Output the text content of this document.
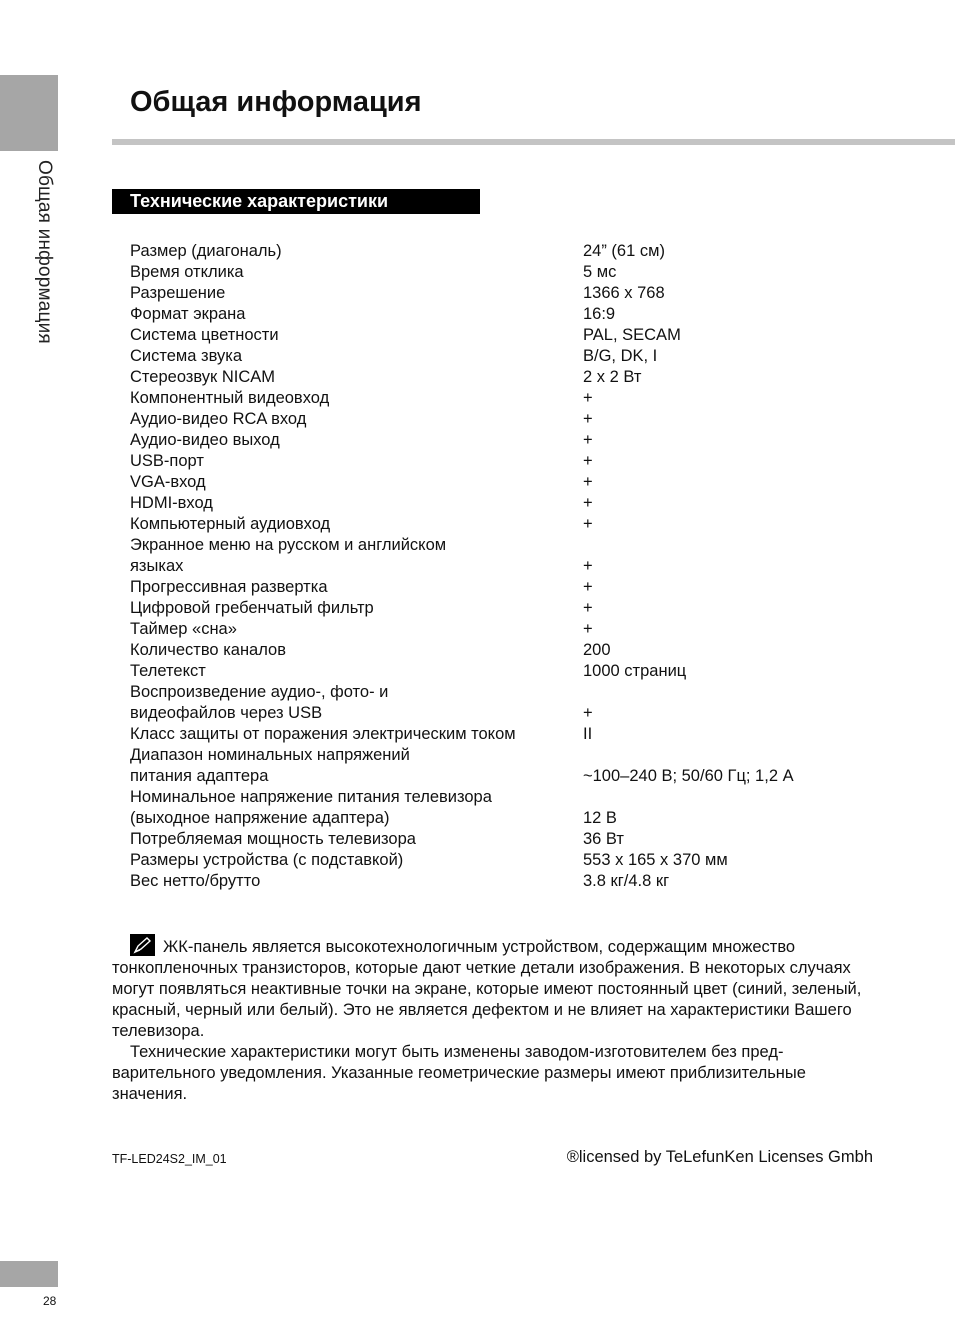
Общая информация
Общая информация
Технические характеристики
Размер (диагональ)	24” (61 см)
Время отклика	5 мс
Разрешение	1366 x 768
Формат экрана	16:9
Система цветности	PAL, SECAM
Система звука	B/G, DK, I
Стереозвук NICAM	2 x 2 Вт
Компонентный видеовход	+
Аудио-видео RCA вход	+
Аудио-видео выход	+
USB-порт	+
VGA-вход	+
HDMI-вход	+
Компьютерный аудиовход	+
Экранное меню на русском и английском языках	+
Прогрессивная развертка	+
Цифровой гребенчатый фильтр	+
Таймер «сна»	+
Количество каналов	200
Телетекст	1000 страниц
Воспроизведение аудио-, фото- и видеофайлов через USB	+
Класс защиты от поражения электрическим током	II
Диапазон номинальных напряжений питания адаптера	~100–240 В; 50/60 Гц; 1,2 А
Номинальное напряжение питания телевизора (выходное напряжение адаптера)	12 В
Потребляемая мощность телевизора	36 Вт
Размеры устройства (с подставкой)	553 x 165 x 370 мм
Вес нетто/брутто	3.8 кг/4.8 кг

ЖК-панель является высокотехнологичным устройством, содержащим множество тонкопленочных транзисторов, которые дают четкие детали изображения. В некоторых случаях могут появляться неактивные точки на экране, которые имеют постоянный цвет (синий, зеленый, красный, черный или белый). Это не является дефектом и не влияет на характеристики Вашего телевизора.

Технические характеристики могут быть изменены заводом-изготовителем без пред-варительного уведомления. Указанные геометрические размеры имеют приблизительные значения.

TF-LED24S2_IM_01	®licensed by TeLefunKen Licenses Gmbh
28
